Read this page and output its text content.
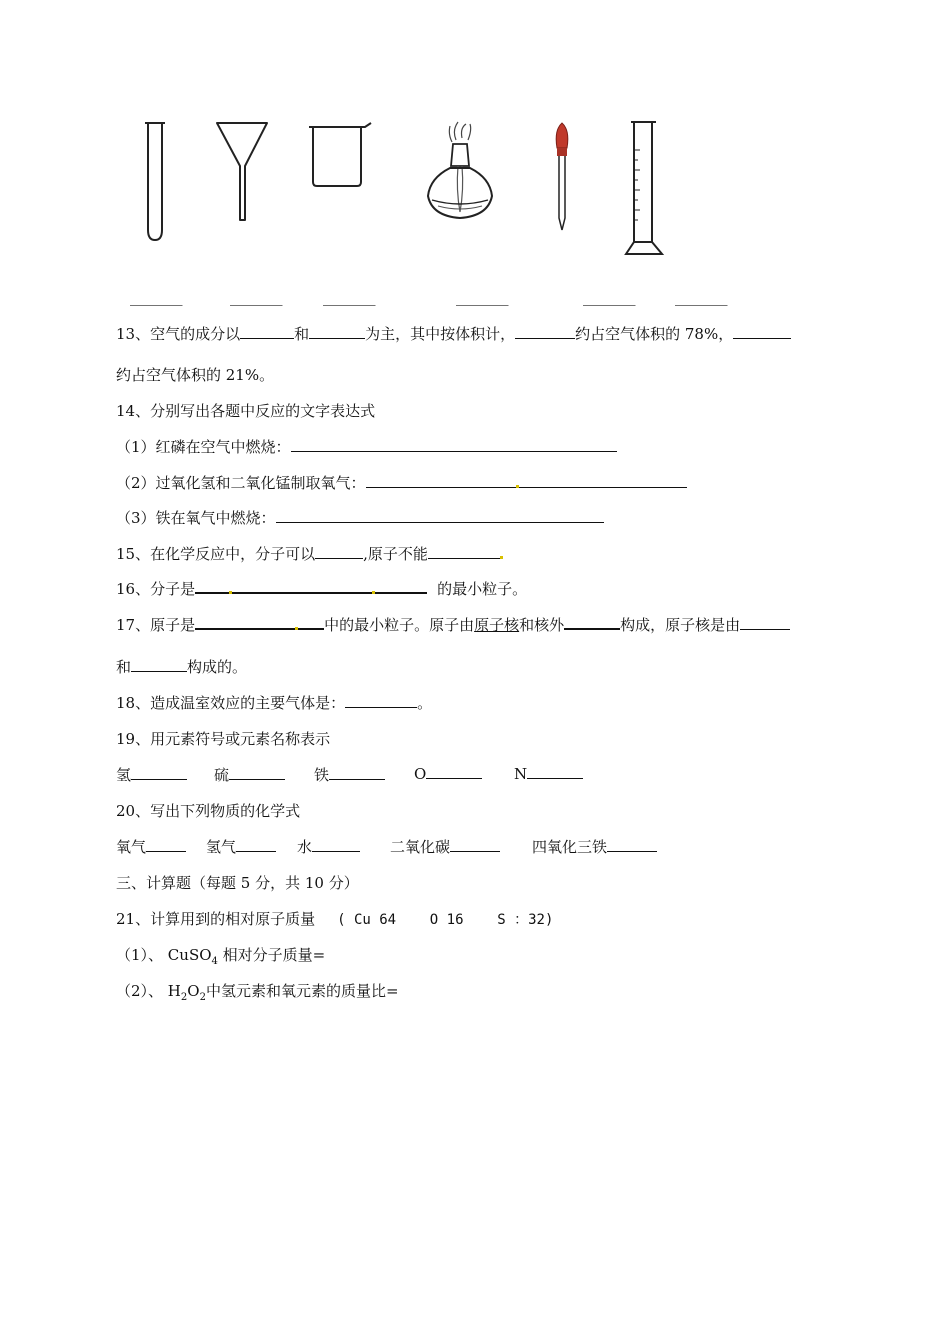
_______	_______	_______	_______	_______	_______
13、空气的成分以	和	为主，其中按体积计，	约占空气体积的 78%，
约占空气体积的 21%。
14、分别写出各题中反应的文字表达式
（1）红磷在空气中燃烧：
（2）过氧化氢和二氧化锰制取氧气：
（3）铁在氧气中燃烧：
15、在化学反应中，分子可以	,原子不能
16、分子是	的最小粒子。
17、原子是	中的最小粒子。原子由原子核和核外	构成，原子核是由
和	构成的。
18、造成温室效应的主要气体是：	。
19、用元素符号或元素名称表示
氢	硫	铁	O	N
20、写出下列物质的化学式
氧气	氢气	水	二氧化碳	四氧化三铁
三、计算题（每题 5 分，共 10 分）
21、计算用到的相对原子质量 ( Cu 64    O 16    S ：32)
（1）、 CuSO$_4$ 相对分子质量=
（2）、 $H_2O_2$中氢元素和氧元素的质量比=
